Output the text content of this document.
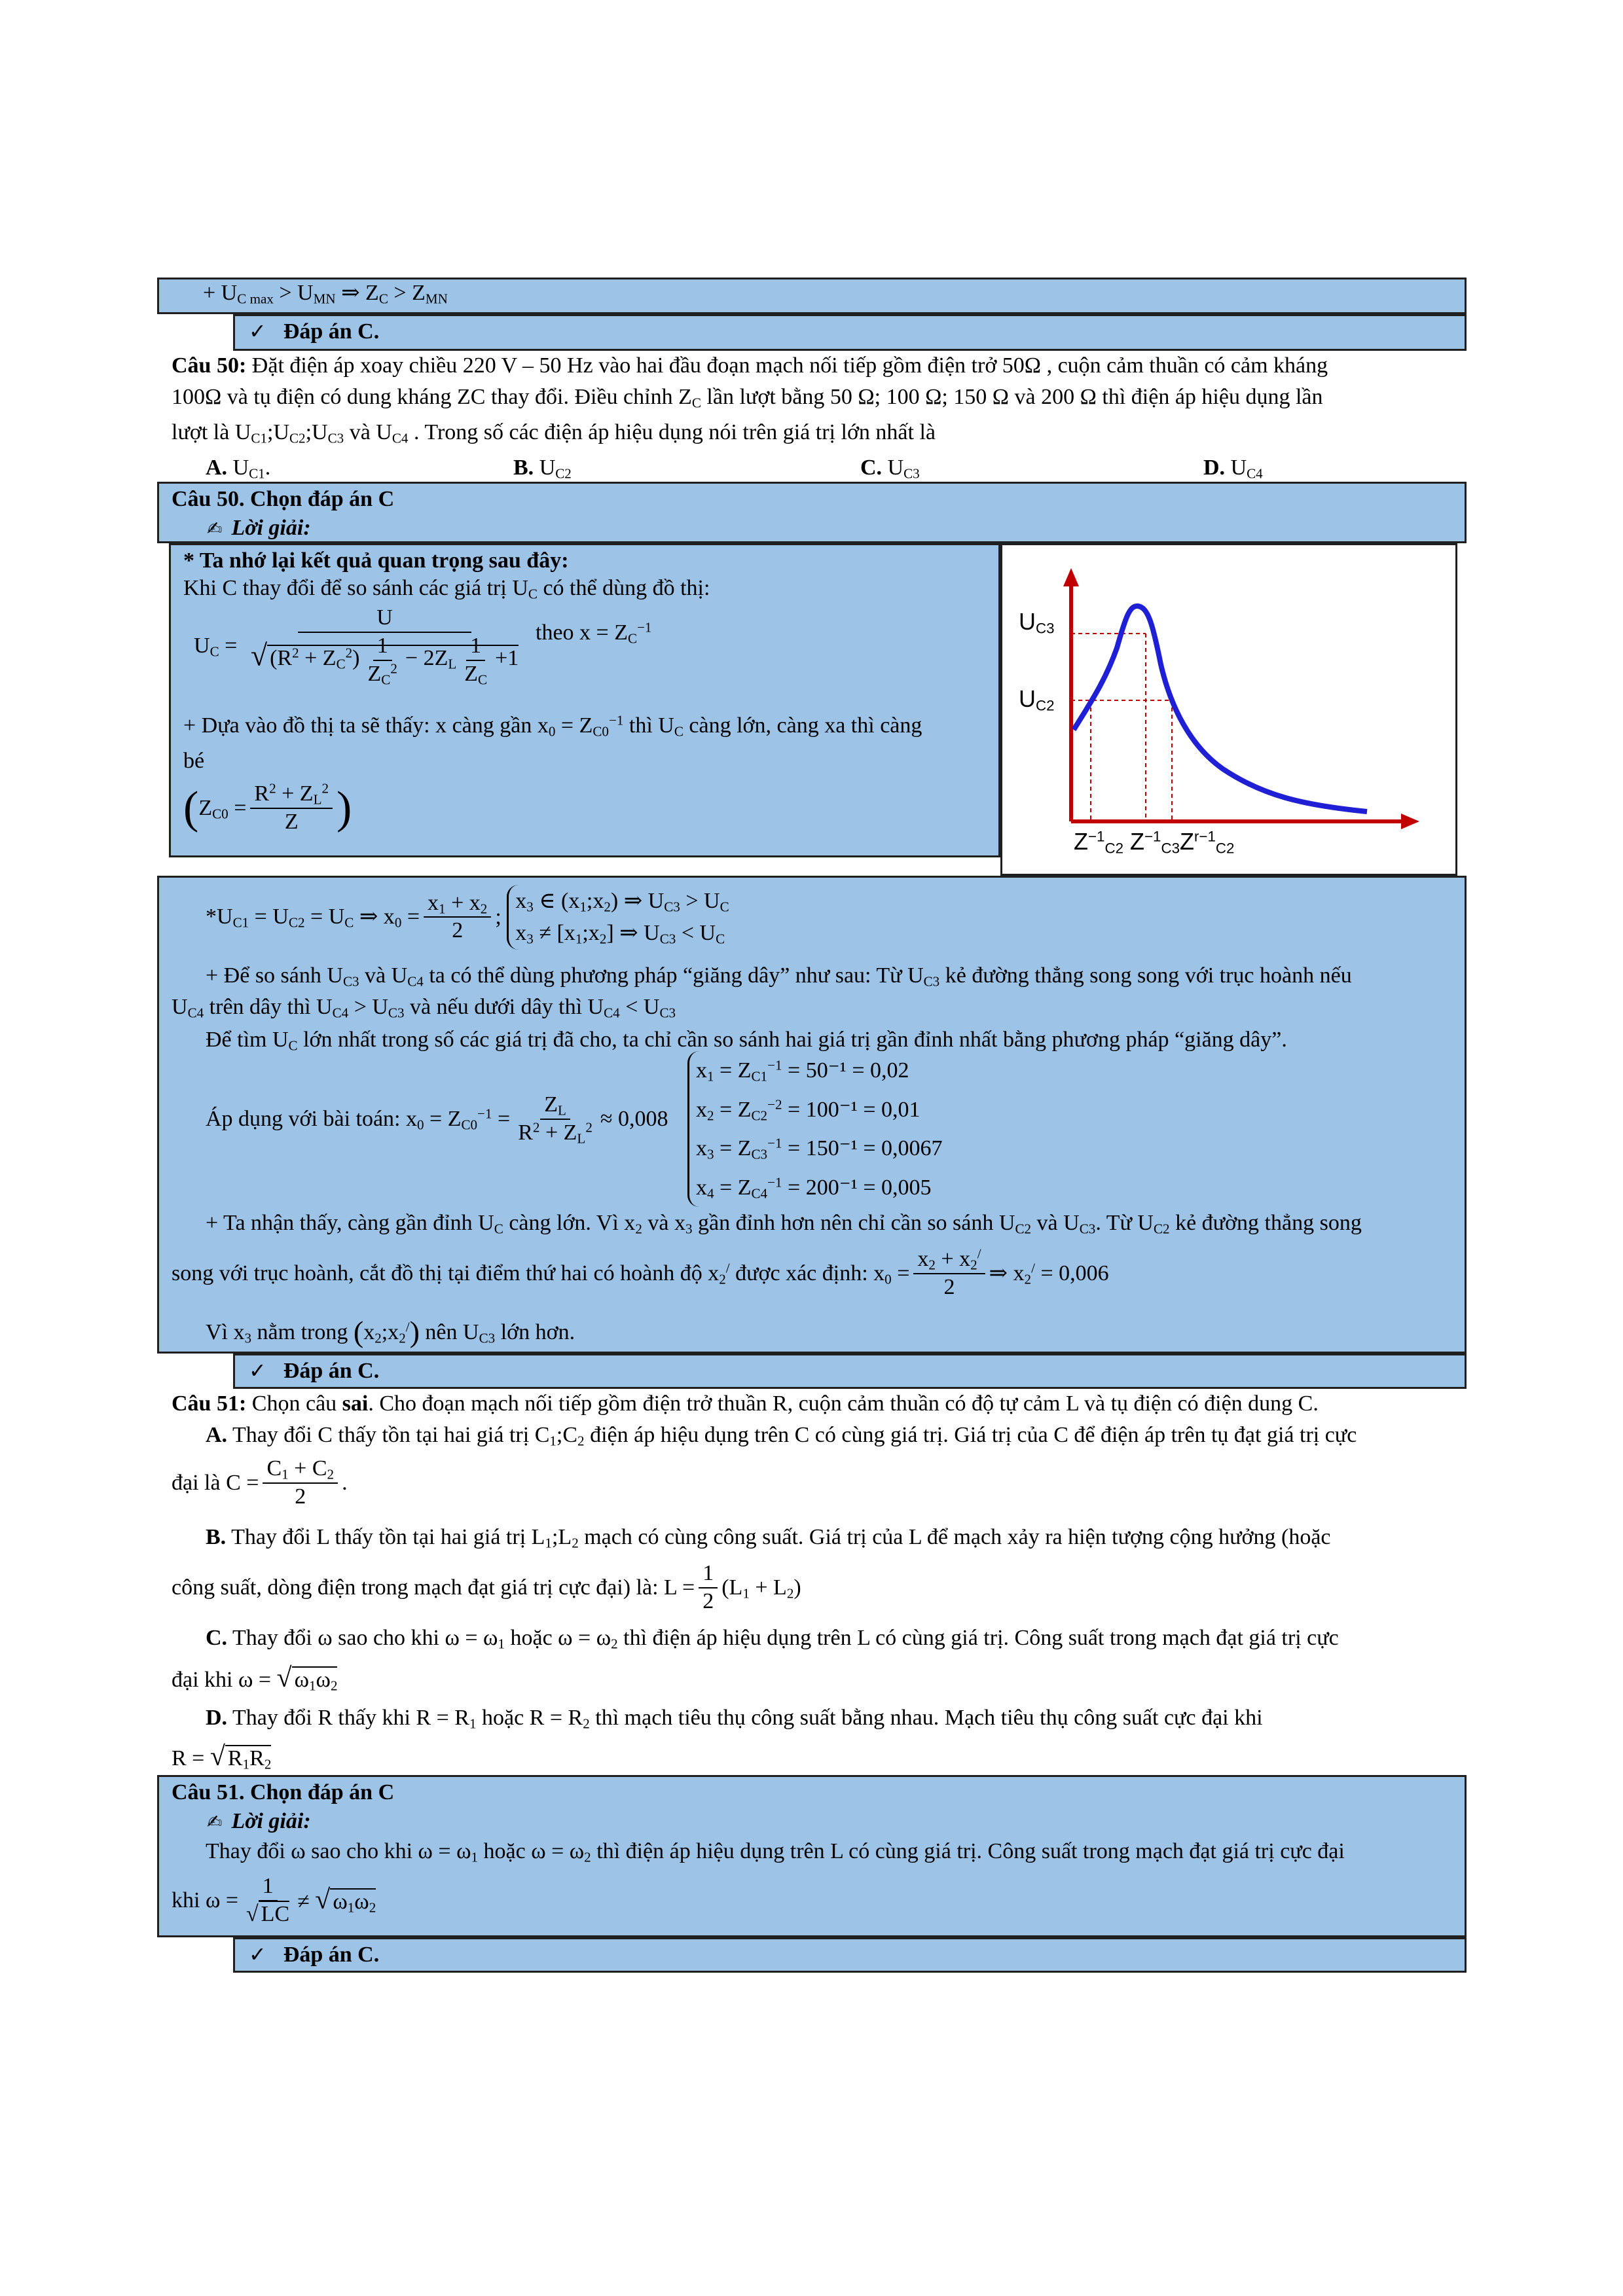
+ $U_{C max} > U_{MN}$ ⇒ $Z_C > Z_{MN}$
✓ Đáp án C.
Câu 50: Đặt điện áp xoay chiều 220 V – 50 Hz vào hai đầu đoạn mạch nối tiếp gồm điện trở 50Ω , cuộn cảm thuần có cảm kháng
100Ω và tụ điện có dung kháng ZC thay đổi. Điều chỉnh $Z_C$ lần lượt bằng 50 Ω; 100 Ω; 150 Ω và 200 Ω thì điện áp hiệu dụng lần
lượt là $U_{C1};U_{C2};U_{C3}$ và $U_{C4}$ . Trong số các điện áp hiệu dụng nói trên giá trị lớn nhất là
A. $U_{C1}$.	B. $U_{C2}$	C. $U_{C3}$	D. $U_{C4}$
Câu 50. Chọn đáp án C
✍ Lời giải:
* Ta nhớ lại kết quả quan trọng sau đây:
Khi C thay đổi để so sánh các giá trị $U_C$ có thể dùng đồ thị:
$U_C = \frac{U}{√ (R^2 + Z_C^2) \frac{1}{Z_C^2} - 2Z_L \frac{1}{Z_C} +1}$ theo $x = Z_C^{-1}$
+ Dựa vào đồ thị ta sẽ thấy: x càng gần $x_0 = Z_{C0}^{-1}$ thì $U_C$ càng lớn, càng xa thì càng
bé
($Z_{C0} = \frac{R^2 + Z_L^2}{Z}$ )
$U_{C3}$
$U_{C2}$
$Z^{-1}_{C2}$ $Z^{-1}_{C3}Z^{r-1}_{C2}$
$*U_{C1} = U_{C2} = U_C$ ⇒ $x_0 = \frac{x_1 + x_2}{2}$ ;
$x_3$ ∈ $(x_1;x_2)$ ⇒ $U_{C3} > U_C$
$x_3$ ≠ $[x_1;x_2]$ ⇒ $U_{C3} < U_C$
+ Để so sánh $U_{C3}$ và $U_{C4}$ ta có thể dùng phương pháp “giăng dây” như sau: Từ $U_{C3}$ kẻ đường thẳng song song với trục hoành nếu
$U_{C4}$ trên dây thì $U_{C4} > U_{C3}$ và nếu dưới dây thì $U_{C4} < U_{C3}$
Để tìm $U_C$ lớn nhất trong số các giá trị đã cho, ta chỉ cần so sánh hai giá trị gần đỉnh nhất bằng phương pháp “giăng dây”.
Áp dụng với bài toán: $x_0 = Z_{C0}^{-1} = \frac{Z_L}{R^2 + Z_L^2} \approx 0,008$
$x_1 = Z_{C1}^{-1} = 50^{-1} = 0,02$
$x_2 = Z_{C2}^{-2} = 100^{-1} = 0,01$
$x_3 = Z_{C3}^{-1} = 150^{-1} = 0,0067$
$x_4 = Z_{C4}^{-1} = 200^{-1} = 0,005$
+ Ta nhận thấy, càng gần đỉnh $U_C$ càng lớn. Vì $x_2$ và $x_3$ gần đỉnh hơn nên chỉ cần so sánh $U_{C2}$ và $U_{C3}$. Từ $U_{C2}$ kẻ đường thẳng song
song với trục hoành, cắt đồ thị tại điểm thứ hai có hoành độ $x_2^/$ được xác định: $x_0 = \frac{x_2 + x_2^/}{2}$ ⇒ $x_2^/ = 0,006$
Vì $x_3$ nằm trong $(x_2;x_2^/)$ nên $U_{C3}$ lớn hơn.
✓ Đáp án C.
Câu 51: Chọn câu sai. Cho đoạn mạch nối tiếp gồm điện trở thuần R, cuộn cảm thuần có độ tự cảm L và tụ điện có điện dung C.
A. Thay đổi C thấy tồn tại hai giá trị $C_1;C_2$ điện áp hiệu dụng trên C có cùng giá trị. Giá trị của C để điện áp trên tụ đạt giá trị cực
đại là $C = \frac{C_1 + C_2}{2}$ .
B. Thay đổi L thấy tồn tại hai giá trị $L_1;L_2$ mạch có cùng công suất. Giá trị của L để mạch xảy ra hiện tượng cộng hưởng (hoặc
công suất, dòng điện trong mạch đạt giá trị cực đại) là: $L = \frac{1}{2} (L_1 + L_2)$
C. Thay đổi ω sao cho khi $\omega = \omega_1$ hoặc $\omega = \omega_2$ thì điện áp hiệu dụng trên L có cùng giá trị. Công suất trong mạch đạt giá trị cực
đại khi ω = √ $\omega_1\omega_2$
D. Thay đổi R thấy khi $R = R_1$ hoặc $R = R_2$ thì mạch tiêu thụ công suất bằng nhau. Mạch tiêu thụ công suất cực đại khi
R = √ $R_1R_2$
Câu 51. Chọn đáp án C
✍ Lời giải:
Thay đổi ω sao cho khi $\omega = \omega_1$ hoặc $\omega = \omega_2$ thì điện áp hiệu dụng trên L có cùng giá trị. Công suất trong mạch đạt giá trị cực đại
khi $\omega = \frac{1}{√ LC}$ ≠ √ $\omega_1\omega_2$
✓ Đáp án C.
